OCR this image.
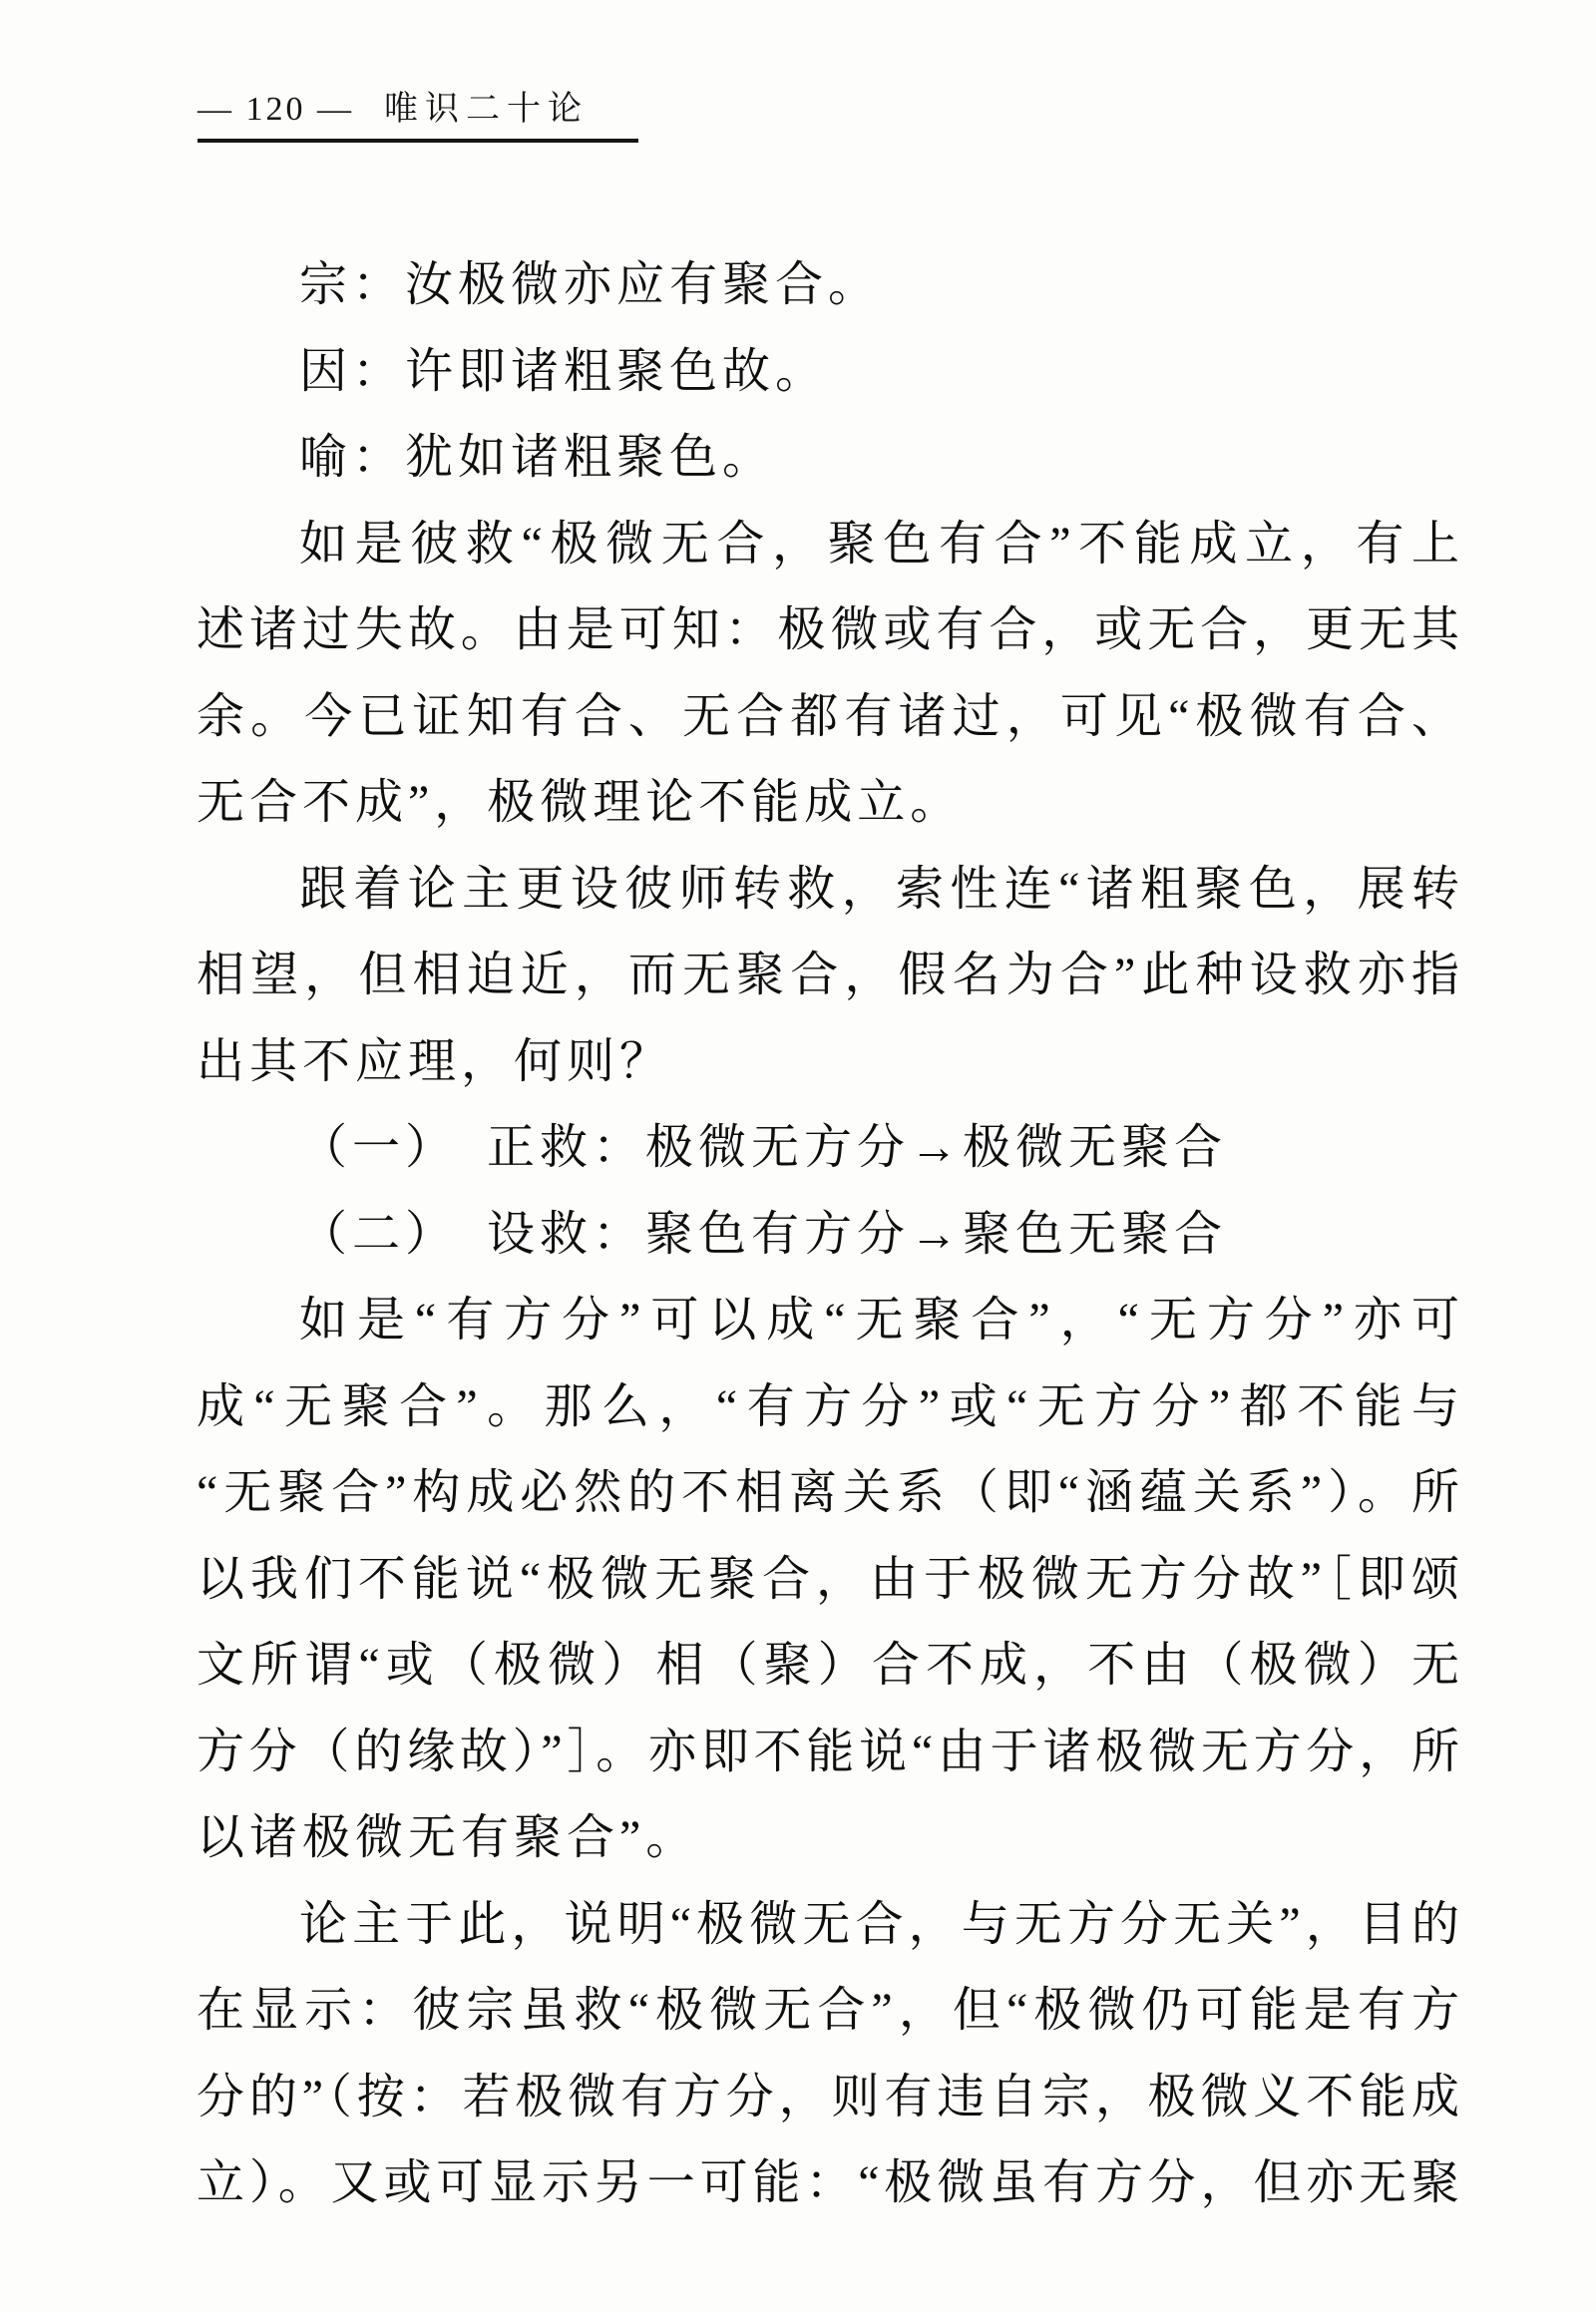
— 120 — 唯识二十论
宗：汝极微亦应有聚合。
因：许即诸粗聚色故。
喻：犹如诸粗聚色。
如是彼救“极微无合，聚色有合”不能成立，有上
述诸过失故。由是可知：极微或有合，或无合，更无其
余。今已证知有合、无合都有诸过，可见“极微有合、
无合不成”，极微理论不能成立。
跟着论主更设彼师转救，索性连“诸粗聚色，展转
相望，但相迫近，而无聚合，假名为合”此种设救亦指
出其不应理，何则？
（一）　正救：极微无方分→极微无聚合
（二）　设救：聚色有方分→聚色无聚合
如是“有方分”可以成“无聚合”，“无方分”亦可
成“无聚合”。那么，“有方分”或“无方分”都不能与
“无聚合”构成必然的不相离关系（即“涵蕴关系”）。所
以我们不能说“极微无聚合，由于极微无方分故”［即颂
文所谓“或（极微）相（聚）合不成，不由（极微）无
方分（的缘故）”］。亦即不能说“由于诸极微无方分，所
以诸极微无有聚合”。
论主于此，说明“极微无合，与无方分无关”，目的
在显示：彼宗虽救“极微无合”，但“极微仍可能是有方
分的”（按：若极微有方分，则有违自宗，极微义不能成
立）。又或可显示另一可能：“极微虽有方分，但亦无聚
